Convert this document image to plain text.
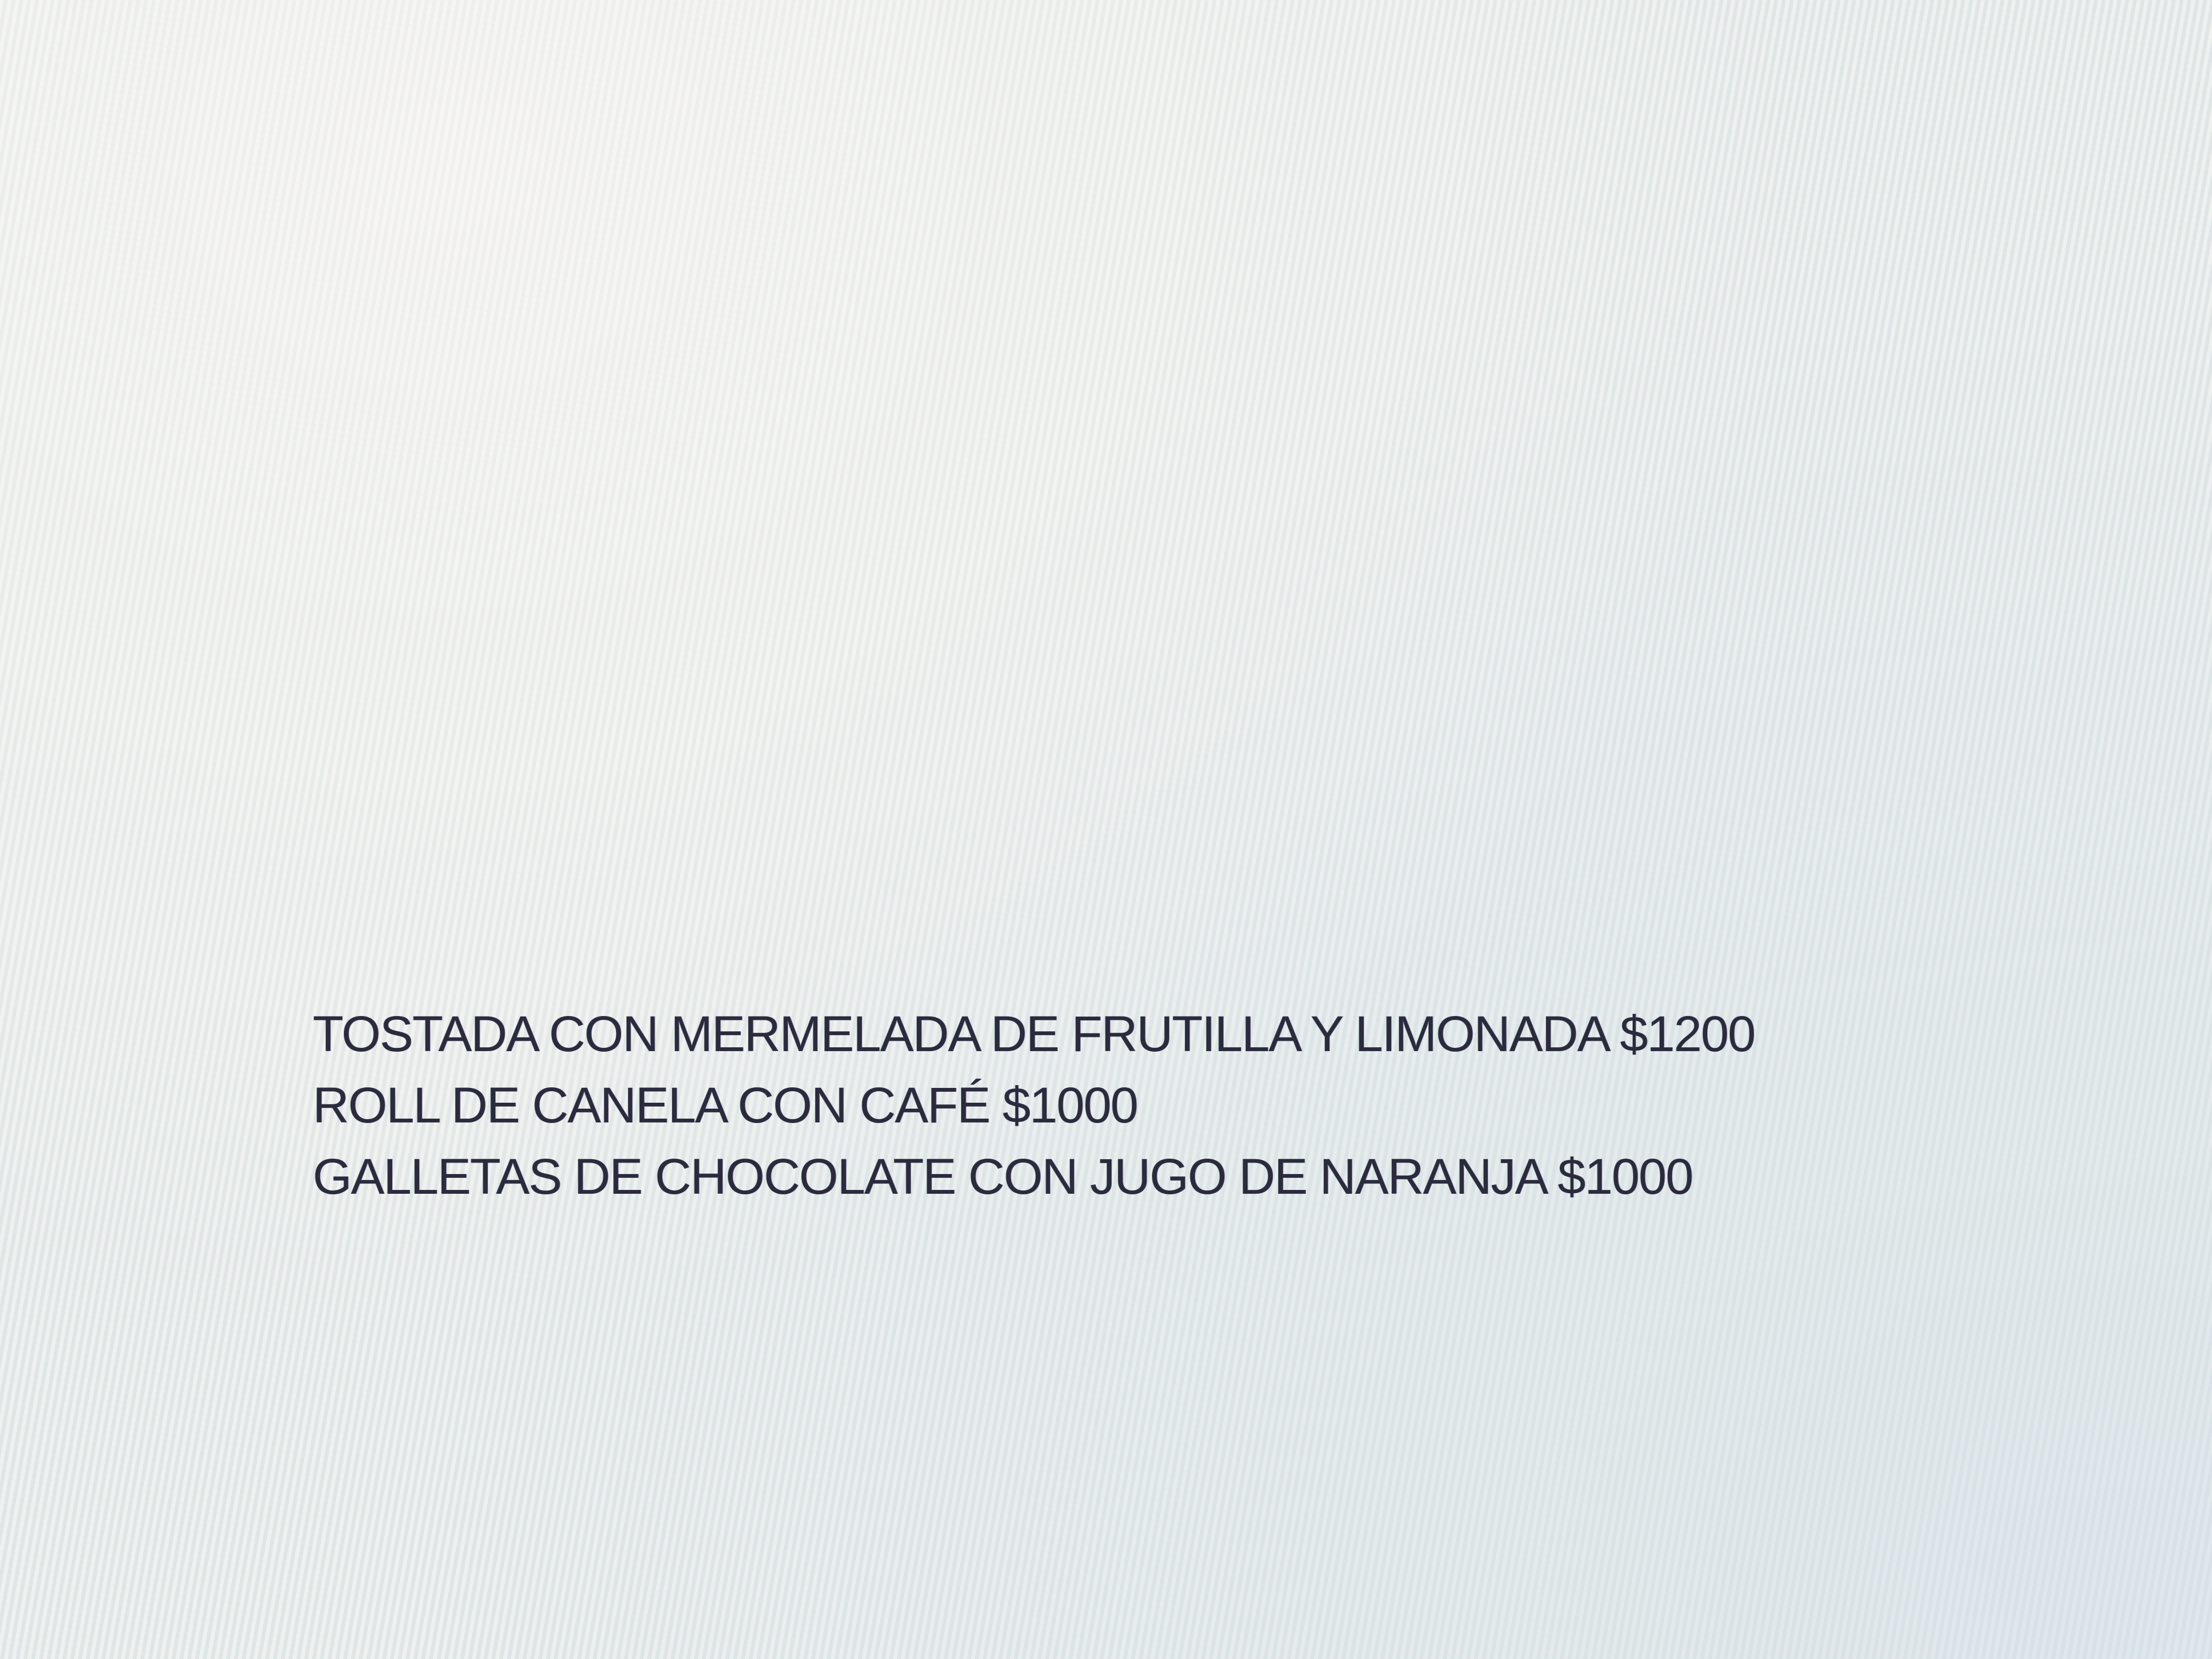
TOSTADA CON MERMELADA DE FRUTILLA Y LIMONADA $1200
ROLL DE CANELA CON CAFÉ $1000
GALLETAS DE CHOCOLATE CON JUGO DE NARANJA $1000
